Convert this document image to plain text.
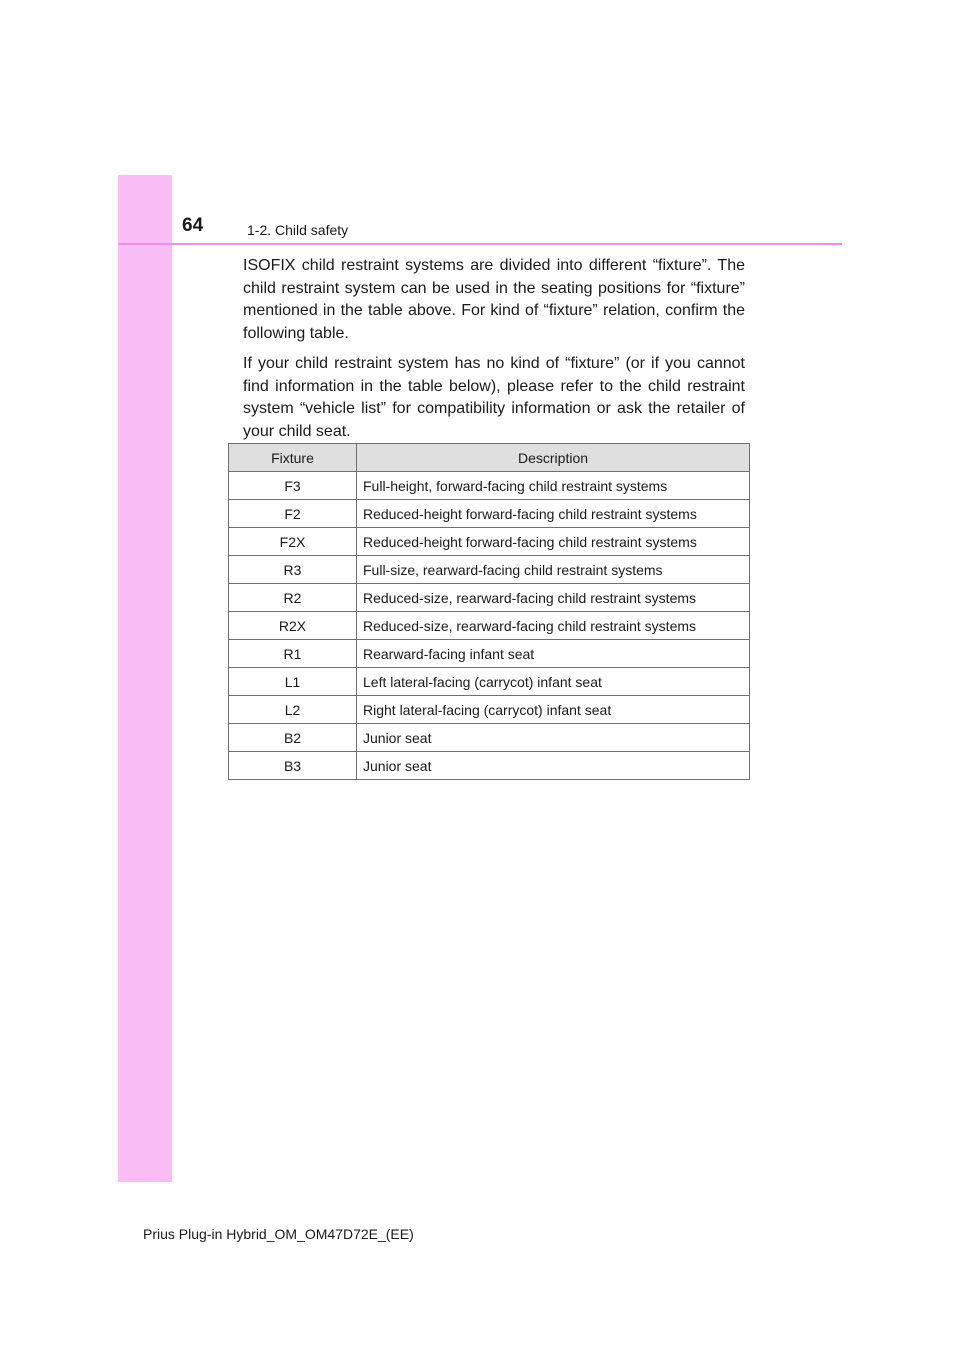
64	1-2. Child safety

ISOFIX child restraint systems are divided into different “fixture”. The child restraint system can be used in the seating positions for “fixture” mentioned in the table above. For kind of “fixture” relation, confirm the following table.

If your child restraint system has no kind of “fixture” (or if you cannot find information in the table below), please refer to the child restraint system “vehicle list” for compatibility information or ask the retailer of your child seat.

Fixture	Description
F3	Full-height, forward-facing child restraint systems
F2	Reduced-height forward-facing child restraint systems
F2X	Reduced-height forward-facing child restraint systems
R3	Full-size, rearward-facing child restraint systems
R2	Reduced-size, rearward-facing child restraint systems
R2X	Reduced-size, rearward-facing child restraint systems
R1	Rearward-facing infant seat
L1	Left lateral-facing (carrycot) infant seat
L2	Right lateral-facing (carrycot) infant seat
B2	Junior seat
B3	Junior seat
Prius Plug-in Hybrid_OM_OM47D72E_(EE)
